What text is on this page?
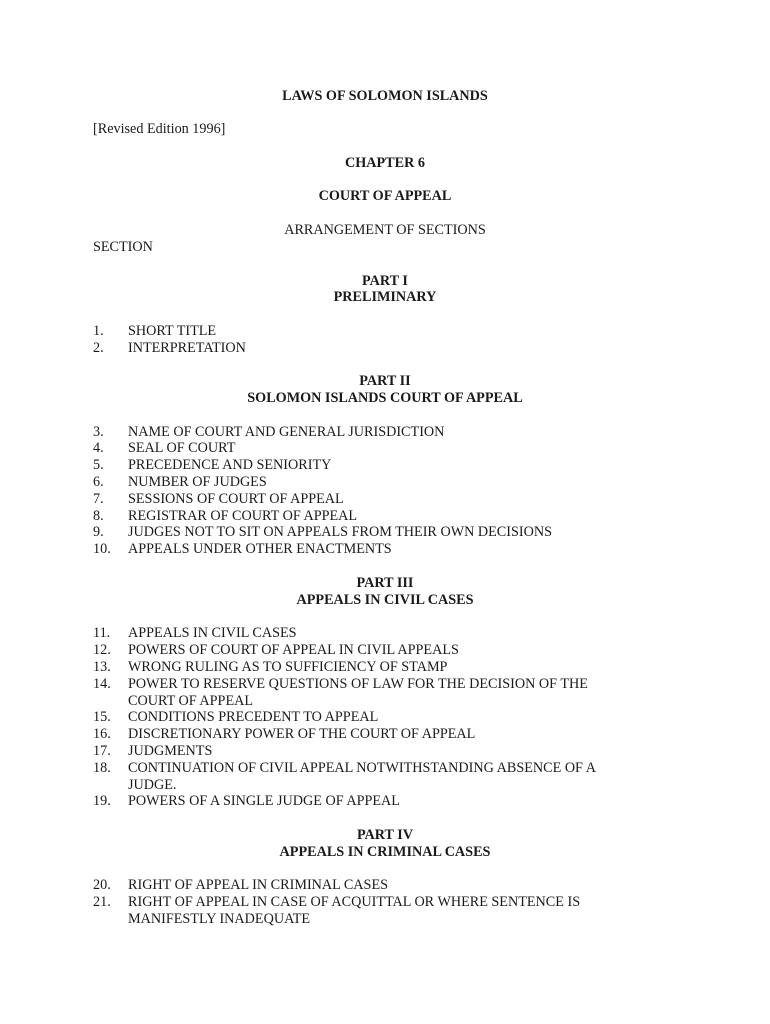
LAWS OF SOLOMON ISLANDS
[Revised Edition 1996]
CHAPTER 6
COURT OF APPEAL
ARRANGEMENT OF SECTIONS
SECTION
PART I
PRELIMINARY
1.	SHORT TITLE
2.	INTERPRETATION
PART II
SOLOMON ISLANDS COURT OF APPEAL
3.	NAME OF COURT AND GENERAL JURISDICTION
4.	SEAL OF COURT
5.	PRECEDENCE AND SENIORITY
6.	NUMBER OF JUDGES
7.	SESSIONS OF COURT OF APPEAL
8.	REGISTRAR OF COURT OF APPEAL
9.	JUDGES NOT TO SIT ON APPEALS FROM THEIR OWN DECISIONS
10.	APPEALS UNDER OTHER ENACTMENTS
PART III
APPEALS IN CIVIL CASES
11.	APPEALS IN CIVIL CASES
12.	POWERS OF COURT OF APPEAL IN CIVIL APPEALS
13.	WRONG RULING AS TO SUFFICIENCY OF STAMP
14.	POWER TO RESERVE QUESTIONS OF LAW FOR THE DECISION OF THE
COURT OF APPEAL
15.	CONDITIONS PRECEDENT TO APPEAL
16.	DISCRETIONARY POWER OF THE COURT OF APPEAL
17.	JUDGMENTS
18.	CONTINUATION OF CIVIL APPEAL NOTWITHSTANDING ABSENCE OF A
JUDGE.
19.	POWERS OF A SINGLE JUDGE OF APPEAL
PART IV
APPEALS IN CRIMINAL CASES
20.	RIGHT OF APPEAL IN CRIMINAL CASES
21.	RIGHT OF APPEAL IN CASE OF ACQUITTAL OR WHERE SENTENCE IS
MANIFESTLY INADEQUATE
